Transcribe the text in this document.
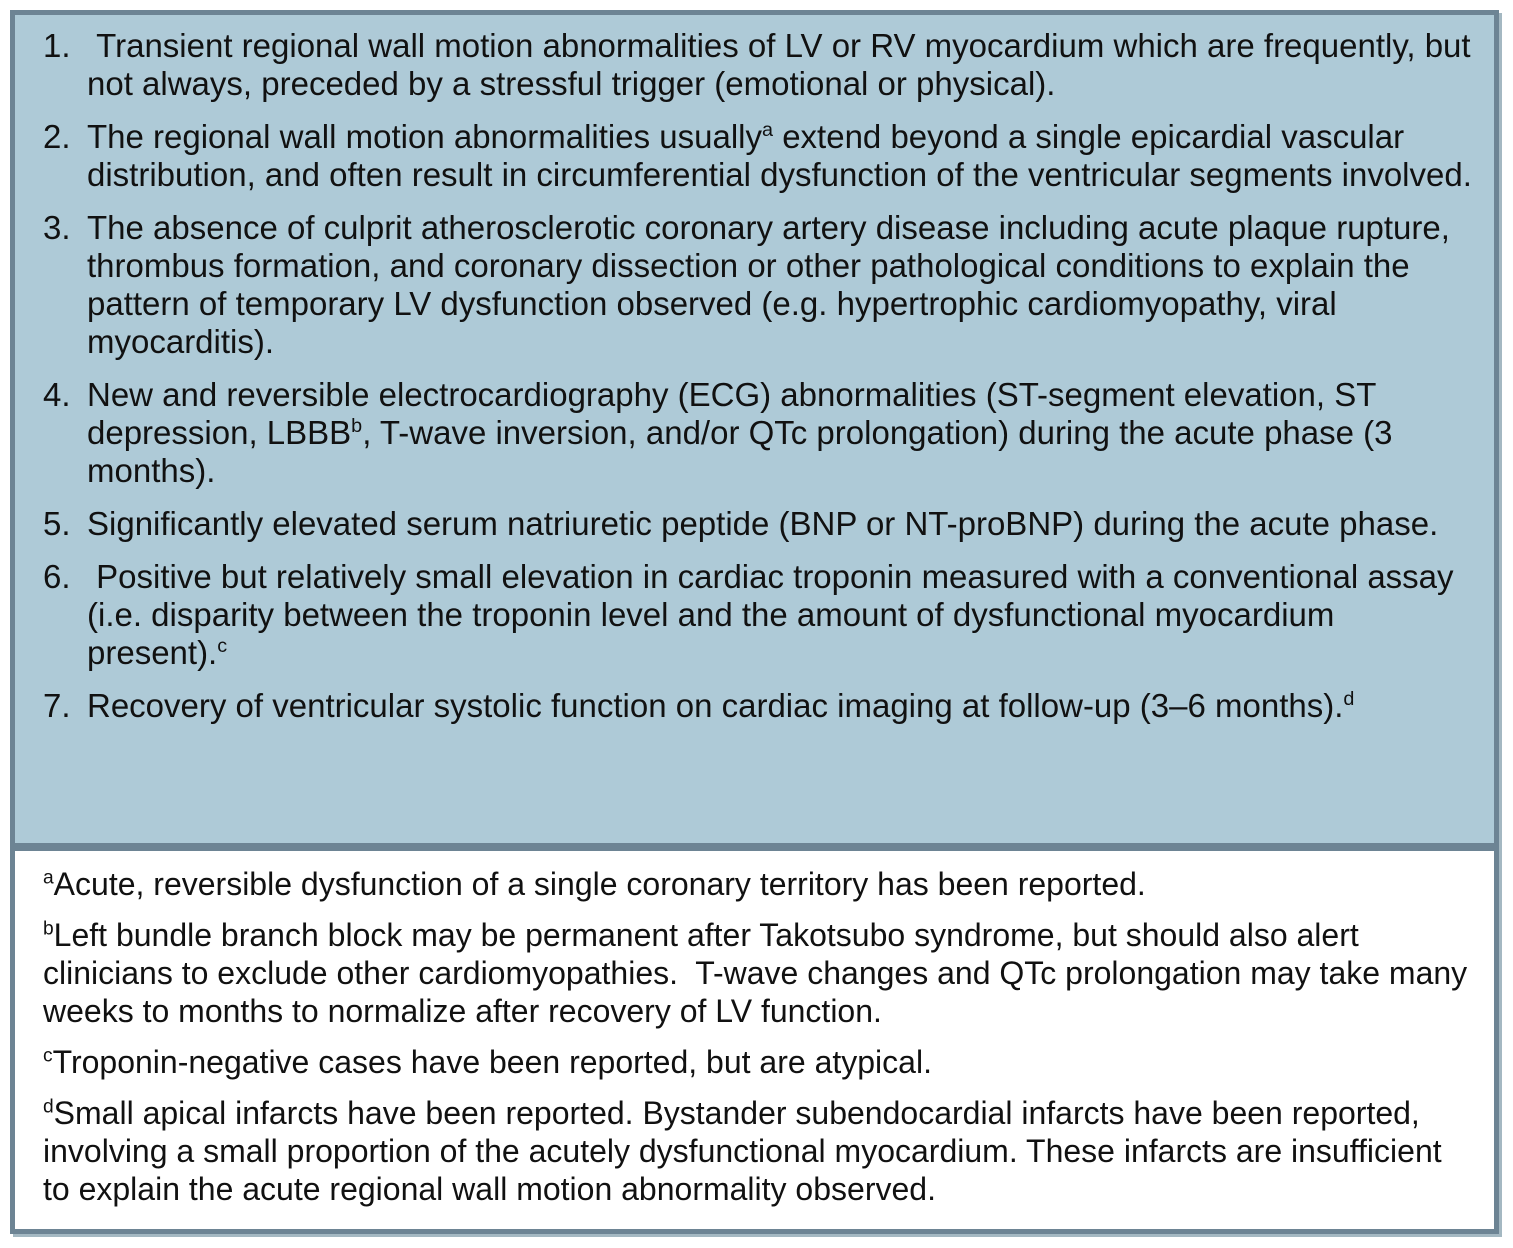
1. Transient regional wall motion abnormalities of LV or RV myocardium which are frequently, but not always, preceded by a stressful trigger (emotional or physical).
2. The regional wall motion abnormalities usually$^a$ extend beyond a single epicardial vascular distribution, and often result in circumferential dysfunction of the ventricular segments involved.
3. The absence of culprit atherosclerotic coronary artery disease including acute plaque rupture, thrombus formation, and coronary dissection or other pathological conditions to explain the pattern of temporary LV dysfunction observed (e.g. hypertrophic cardiomyopathy, viral myocarditis).
4. New and reversible electrocardiography (ECG) abnormalities (ST-segment elevation, ST depression, LBBB$^b$, T-wave inversion, and/or QTc prolongation) during the acute phase (3 months).
5. Significantly elevated serum natriuretic peptide (BNP or NT-proBNP) during the acute phase.
6. Positive but relatively small elevation in cardiac troponin measured with a conventional assay (i.e. disparity between the troponin level and the amount of dysfunctional myocardium present).$^c$
7. Recovery of ventricular systolic function on cardiac imaging at follow-up (3–6 months).$^d$

$^a$Acute, reversible dysfunction of a single coronary territory has been reported.

$^b$Left bundle branch block may be permanent after Takotsubo syndrome, but should also alert clinicians to exclude other cardiomyopathies.  T-wave changes and QTc prolongation may take many weeks to months to normalize after recovery of LV function.

$^c$Troponin-negative cases have been reported, but are atypical.

$^d$Small apical infarcts have been reported. Bystander subendocardial infarcts have been reported, involving a small proportion of the acutely dysfunctional myocardium. These infarcts are insufficient to explain the acute regional wall motion abnormality observed.
